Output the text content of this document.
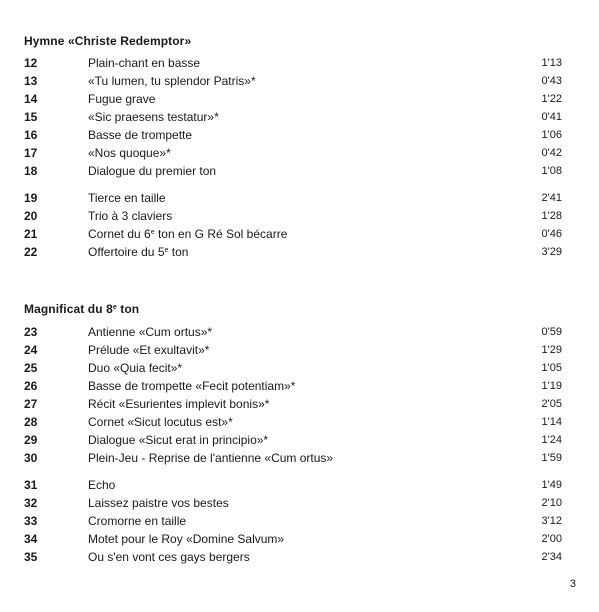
Hymne «Christe Redemptor»
12	Plain-chant en basse	1'13
13	«Tu lumen, tu splendor Patris»*	0'43
14	Fugue grave	1'22
15	«Sic praesens testatur»*	0'41
16	Basse de trompette	1'06
17	«Nos quoque»*	0'42
18	Dialogue du premier ton	1'08
19	Tierce en taille	2'41
20	Trio à 3 claviers	1'28
21	Cornet du 6e ton en G Ré Sol bécarre	0'46
22	Offertoire du 5e ton	3'29
Magnificat du 8e ton
23	Antienne «Cum ortus»*	0'59
24	Prélude «Et exultavit»*	1'29
25	Duo «Quia fecit»*	1'05
26	Basse de trompette «Fecit potentiam»*	1'19
27	Récit «Esurientes implevit bonis»*	2'05
28	Cornet «Sicut locutus est»*	1'14
29	Dialogue «Sicut erat in principio»*	1'24
30	Plein-Jeu - Reprise de l'antienne «Cum ortus»	1'59
31	Echo	1'49
32	Laissez paistre vos bestes	2'10
33	Cromorne en taille	3'12
34	Motet pour le Roy «Domine Salvum»	2'00
35	Ou s'en vont ces gays bergers	2'34
3
